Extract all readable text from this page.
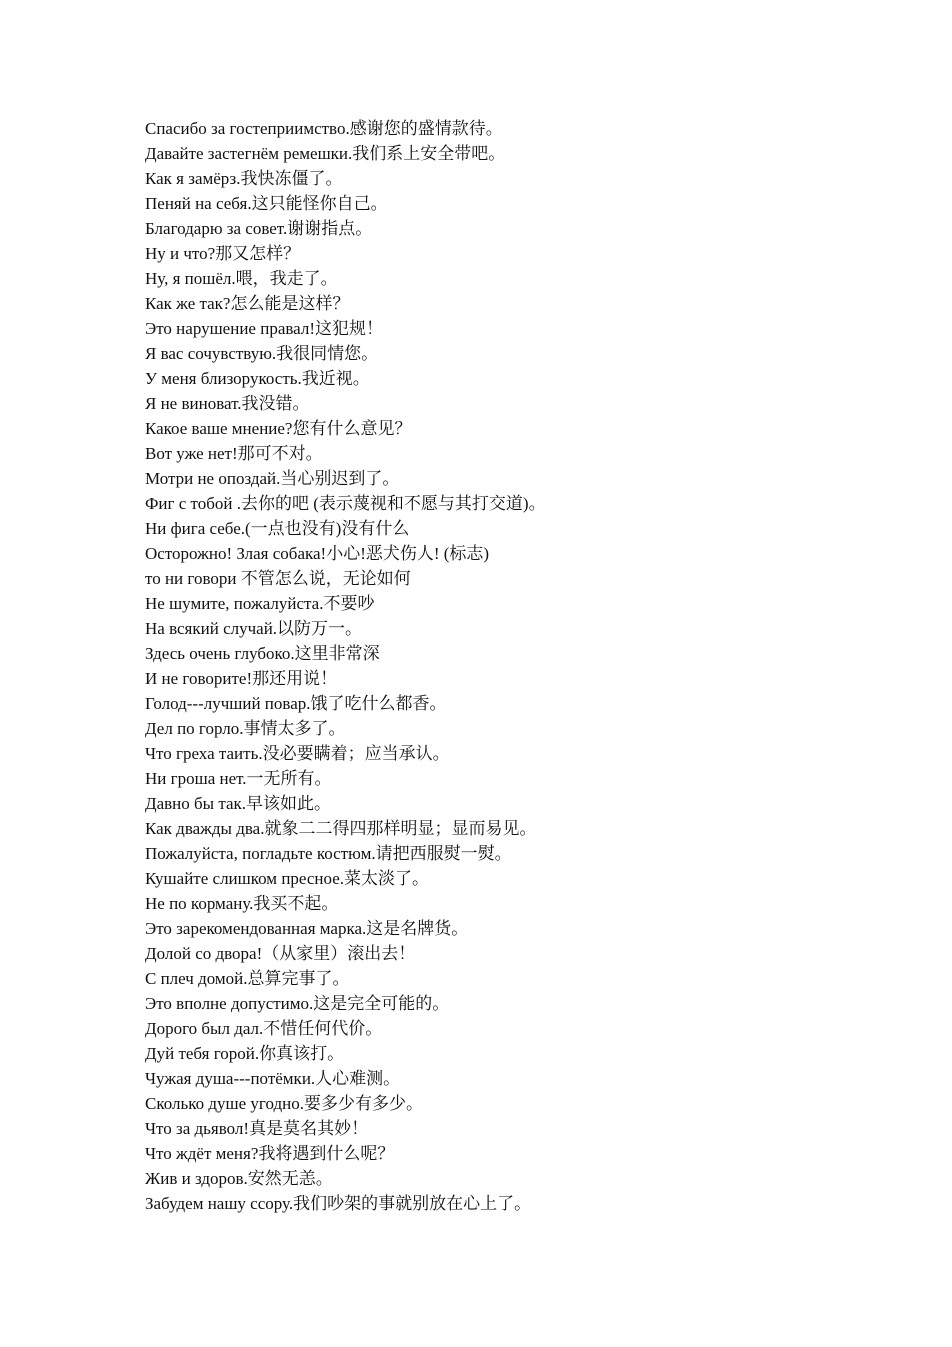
Спасибо за гостеприимство.感谢您的盛情款待。
Давайте застегнём ремешки.我们系上安全带吧。
Как я замёрз.我快冻僵了。
Пеняй на себя.这只能怪你自己。
Благодарю за совет.谢谢指点。
Ну и что?那又怎样？
Ну, я пошёл.喂，我走了。
Как же так?怎么能是这样？
Это нарушение правал!这犯规！
Я вас сочувствую.我很同情您。
У меня близорукость.我近视。
Я не виноват.我没错。
Какое ваше мнение?您有什么意见？
Вот уже нет!那可不对。
Мотри не опоздай.当心别迟到了。
Фиг с тобой .去你的吧 (表示蔑视和不愿与其打交道)。
Ни фига себе.(一点也没有)没有什么
Осторожно! Злая собака!小心!恶犬伤人! (标志)
то ни говори 不管怎么说，无论如何
Не шумите, пожалуйста.不要吵
На всякий случай.以防万一。
Здесь очень глубоко.这里非常深
И не говорите!那还用说！
Голод---лучший повар.饿了吃什么都香。
Дел по горло.事情太多了。
Что греха таить.没必要瞒着；应当承认。
Ни гроша нет.一无所有。
Давно бы так.早该如此。
Как дважды два.就象二二得四那样明显；显而易见。
Пожалуйста, погладьте костюм.请把西服熨一熨。
Кушайте слишком пресное.菜太淡了。
Не по корману.我买不起。
Это зарекомендованная марка.这是名牌货。
Долой со двора!（从家里）滚出去！
С плеч домой.总算完事了。
Это вполне допустимо.这是完全可能的。
Дорого был дал.不惜任何代价。
Дуй тебя горой.你真该打。
Чужая душа---потёмки.人心难测。
Сколько душе угодно.要多少有多少。
Что за дьявол!真是莫名其妙！
Что ждёт меня?我将遇到什么呢？
Жив и здоров.安然无恙。
Забудем нашу ссору.我们吵架的事就别放在心上了。
